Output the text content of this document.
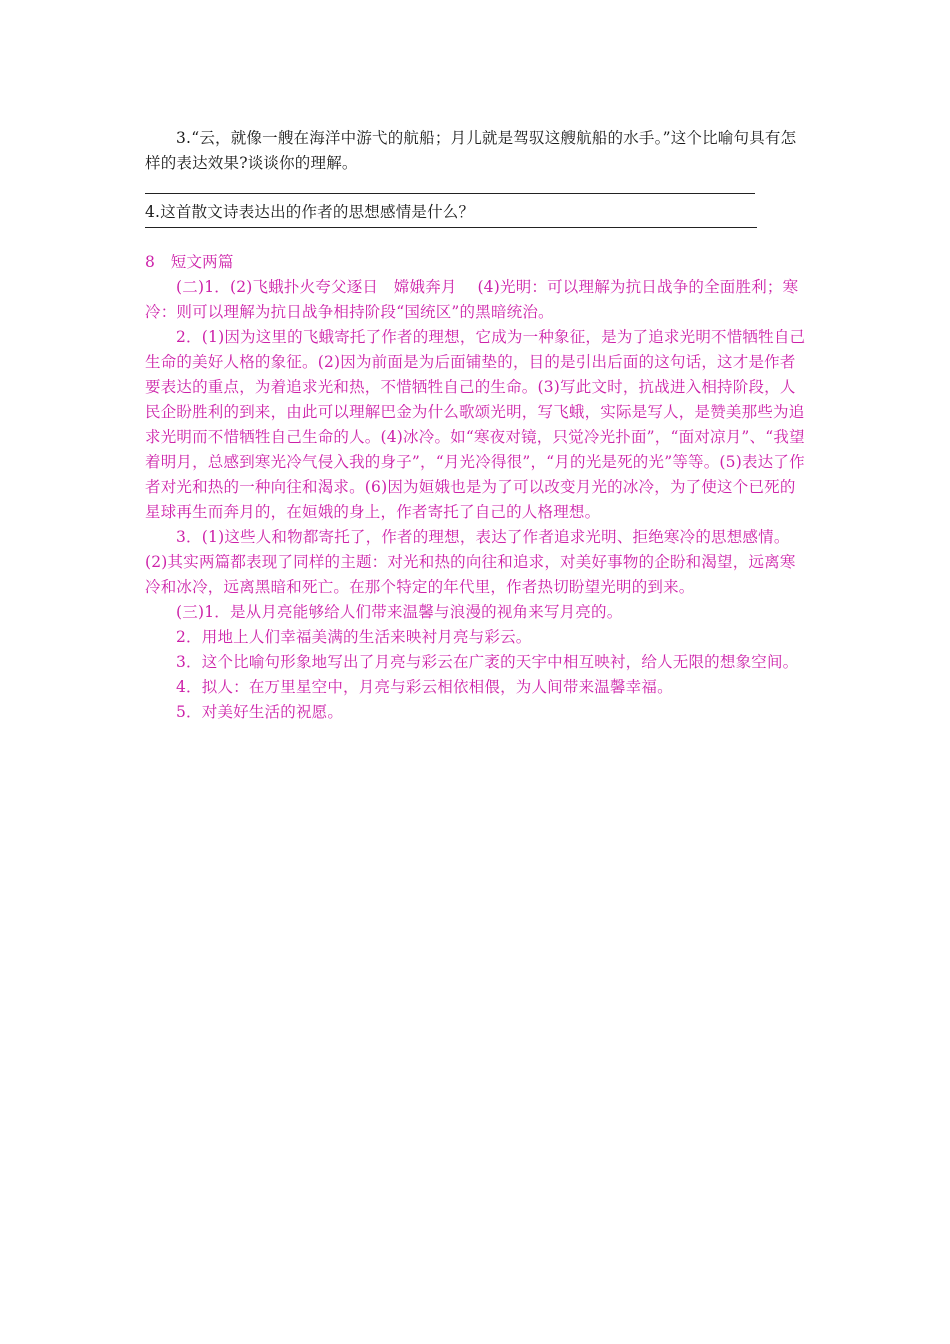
3.“云，就像一艘在海洋中游弋的航船；月儿就是驾驭这艘航船的水手。”这个比喻句具有怎样的表达效果?谈谈你的理解。
4.这首散文诗表达出的作者的思想感情是什么？

8　短文两篇

(二)1．(2)飞蛾扑火夸父逐日　嫦娥奔月　 (4)光明：可以理解为抗日战争的全面胜利；寒冷：则可以理解为抗日战争相持阶段“国统区”的黑暗统治。

2．(1)因为这里的飞蛾寄托了作者的理想，它成为一种象征，是为了追求光明不惜牺牲自己生命的美好人格的象征。(2)因为前面是为后面铺垫的，目的是引出后面的这句话，这才是作者要表达的重点，为着追求光和热，不惜牺牲自己的生命。(3)写此文时，抗战进入相持阶段，人民企盼胜利的到来，由此可以理解巴金为什么歌颂光明，写飞蛾，实际是写人，是赞美那些为追求光明而不惜牺牲自己生命的人。(4)冰冷。如“寒夜对镜，只觉冷光扑面”，“面对凉月”、“我望着明月，总感到寒光冷气侵入我的身子”，“月光冷得很”，“月的光是死的光”等等。(5)表达了作者对光和热的一种向往和渴求。(6)因为姮娥也是为了可以改变月光的冰冷，为了使这个已死的星球再生而奔月的，在姮娥的身上，作者寄托了自己的人格理想。

3．(1)这些人和物都寄托了，作者的理想，表达了作者追求光明、拒绝寒冷的思想感情。(2)其实两篇都表现了同样的主题：对光和热的向往和追求，对美好事物的企盼和渴望，远离寒冷和冰冷，远离黑暗和死亡。在那个特定的年代里，作者热切盼望光明的到来。

(三)1．是从月亮能够给人们带来温馨与浪漫的视角来写月亮的。

2．用地上人们幸福美满的生活来映衬月亮与彩云。

3．这个比喻句形象地写出了月亮与彩云在广袤的天宇中相互映衬，给人无限的想象空间。

4．拟人：在万里星空中，月亮与彩云相依相偎，为人间带来温馨幸福。

5．对美好生活的祝愿。
